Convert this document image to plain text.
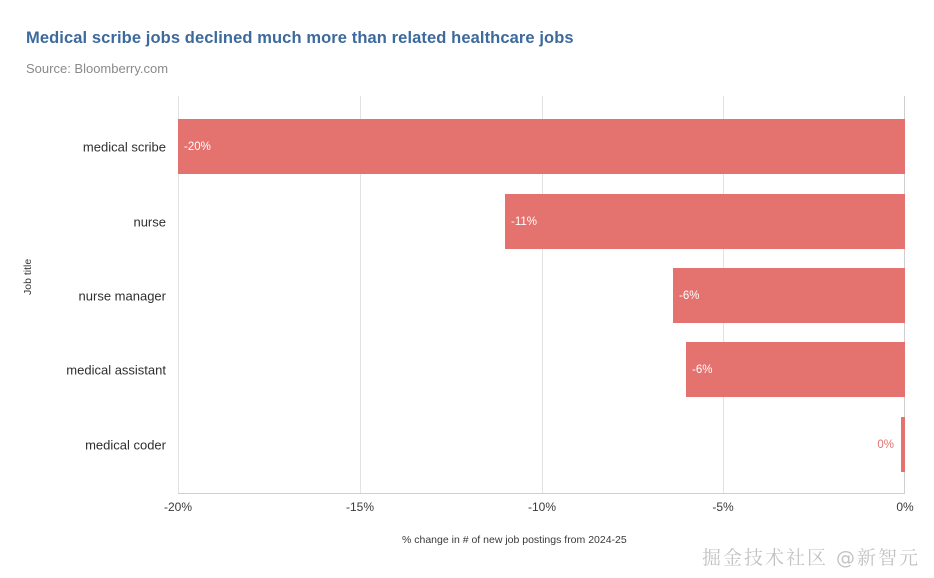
Medical scribe jobs declined much more than related healthcare jobs
Source: Bloomberry.com
Job title
medical scribe
nurse
nurse manager
medical assistant
medical coder
-20%
-11%
-6%
-6%
0%
-20%	-15%	-10%	-5%	0%
% change in # of new job postings from 2024-25
掘金技术社区 @新智元
